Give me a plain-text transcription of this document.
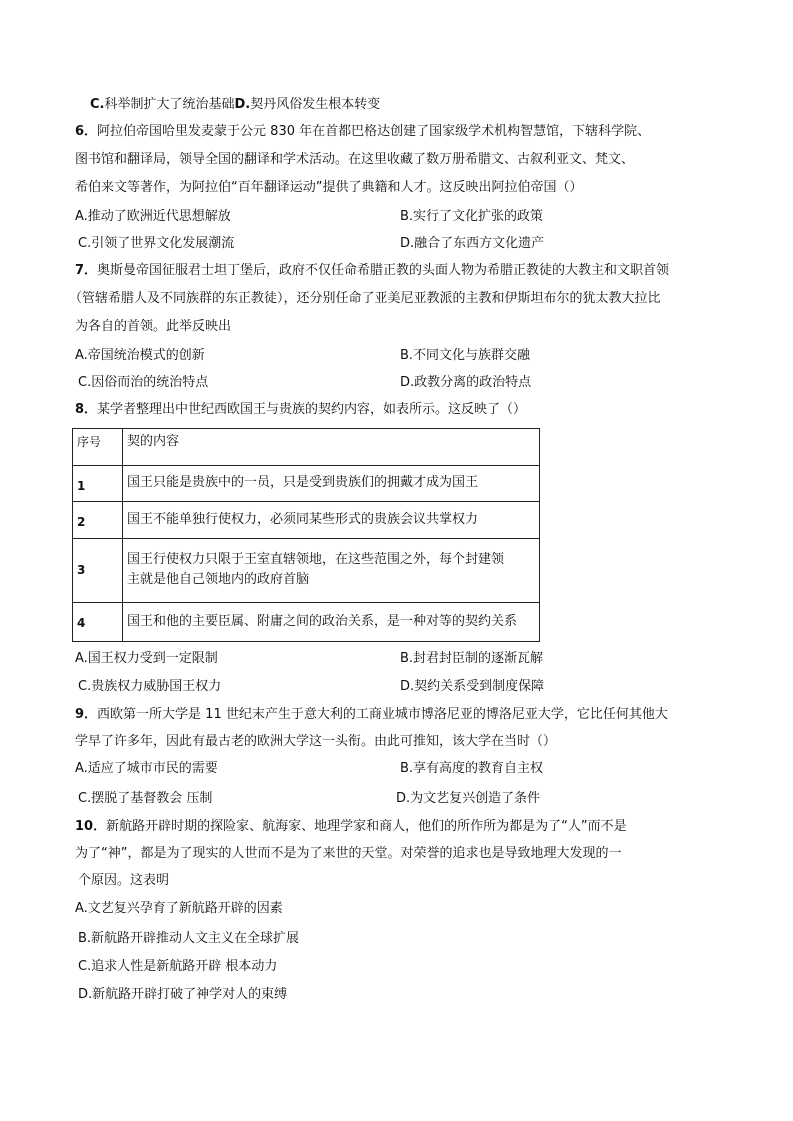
C.科举制扩大了统治基础D.契丹风俗发生根本转变
6．阿拉伯帝国哈里发麦蒙于公元 830 年在首都巴格达创建了国家级学术机构智慧馆，下辖科学院、
图书馆和翻译局，领导全国的翻译和学术活动。在这里收藏了数万册希腊文、古叙利亚文、梵文、
希伯来文等著作，为阿拉伯“百年翻译运动”提供了典籍和人才。这反映出阿拉伯帝国（）
A.推动了欧洲近代思想解放	B.实行了文化扩张的政策
C.引领了世界文化发展潮流	D.融合了东西方文化遗产
7．奥斯曼帝国征服君士坦丁堡后，政府不仅任命希腊正教的头面人物为希腊正教徒的大教主和文职首领
（管辖希腊人及不同族群的东正教徒），还分别任命了亚美尼亚教派的主教和伊斯坦布尔的犹太教大拉比
为各自的首领。此举反映出
A.帝国统治模式的创新	B.不同文化与族群交融
C.因俗而治的统治特点	D.政教分离的政治特点
8．某学者整理出中世纪西欧国王与贵族的契约内容，如表所示。这反映了（）
序号	契的内容
1	国王只能是贵族中的一员，只是受到贵族们的拥戴才成为国王
2	国王不能单独行使权力，必须同某些形式的贵族会议共掌权力
3	国王行使权力只限于王室直辖领地，在这些范围之外，每个封建领
主就是他自己领地内的政府首脑

4	国王和他的主要臣属、附庸之间的政治关系，是一种对等的契约关系
A.国王权力受到一定限制	B.封君封臣制的逐渐瓦解
C.贵族权力威胁国王权力	D.契约关系受到制度保障
9．西欧第一所大学是 11 世纪末产生于意大利的工商业城市博洛尼亚的博洛尼亚大学，它比任何其他大
学早了许多年，因此有最古老的欧洲大学这一头衔。由此可推知，该大学在当时（）
A.适应了城市市民的需要	B.享有高度的教育自主权
C.摆脱了基督教会 压制	D.为文艺复兴创造了条件
10．新航路开辟时期的探险家、航海家、地理学家和商人，他们的所作所为都是为了“人”而不是
为了“神”，都是为了现实的人世而不是为了来世的天堂。对荣誉的追求也是导致地理大发现的一
个原因。这表明
A.文艺复兴孕育了新航路开辟的因素
B.新航路开辟推动人文主义在全球扩展
C.追求人性是新航路开辟 根本动力
D.新航路开辟打破了神学对人的束缚
